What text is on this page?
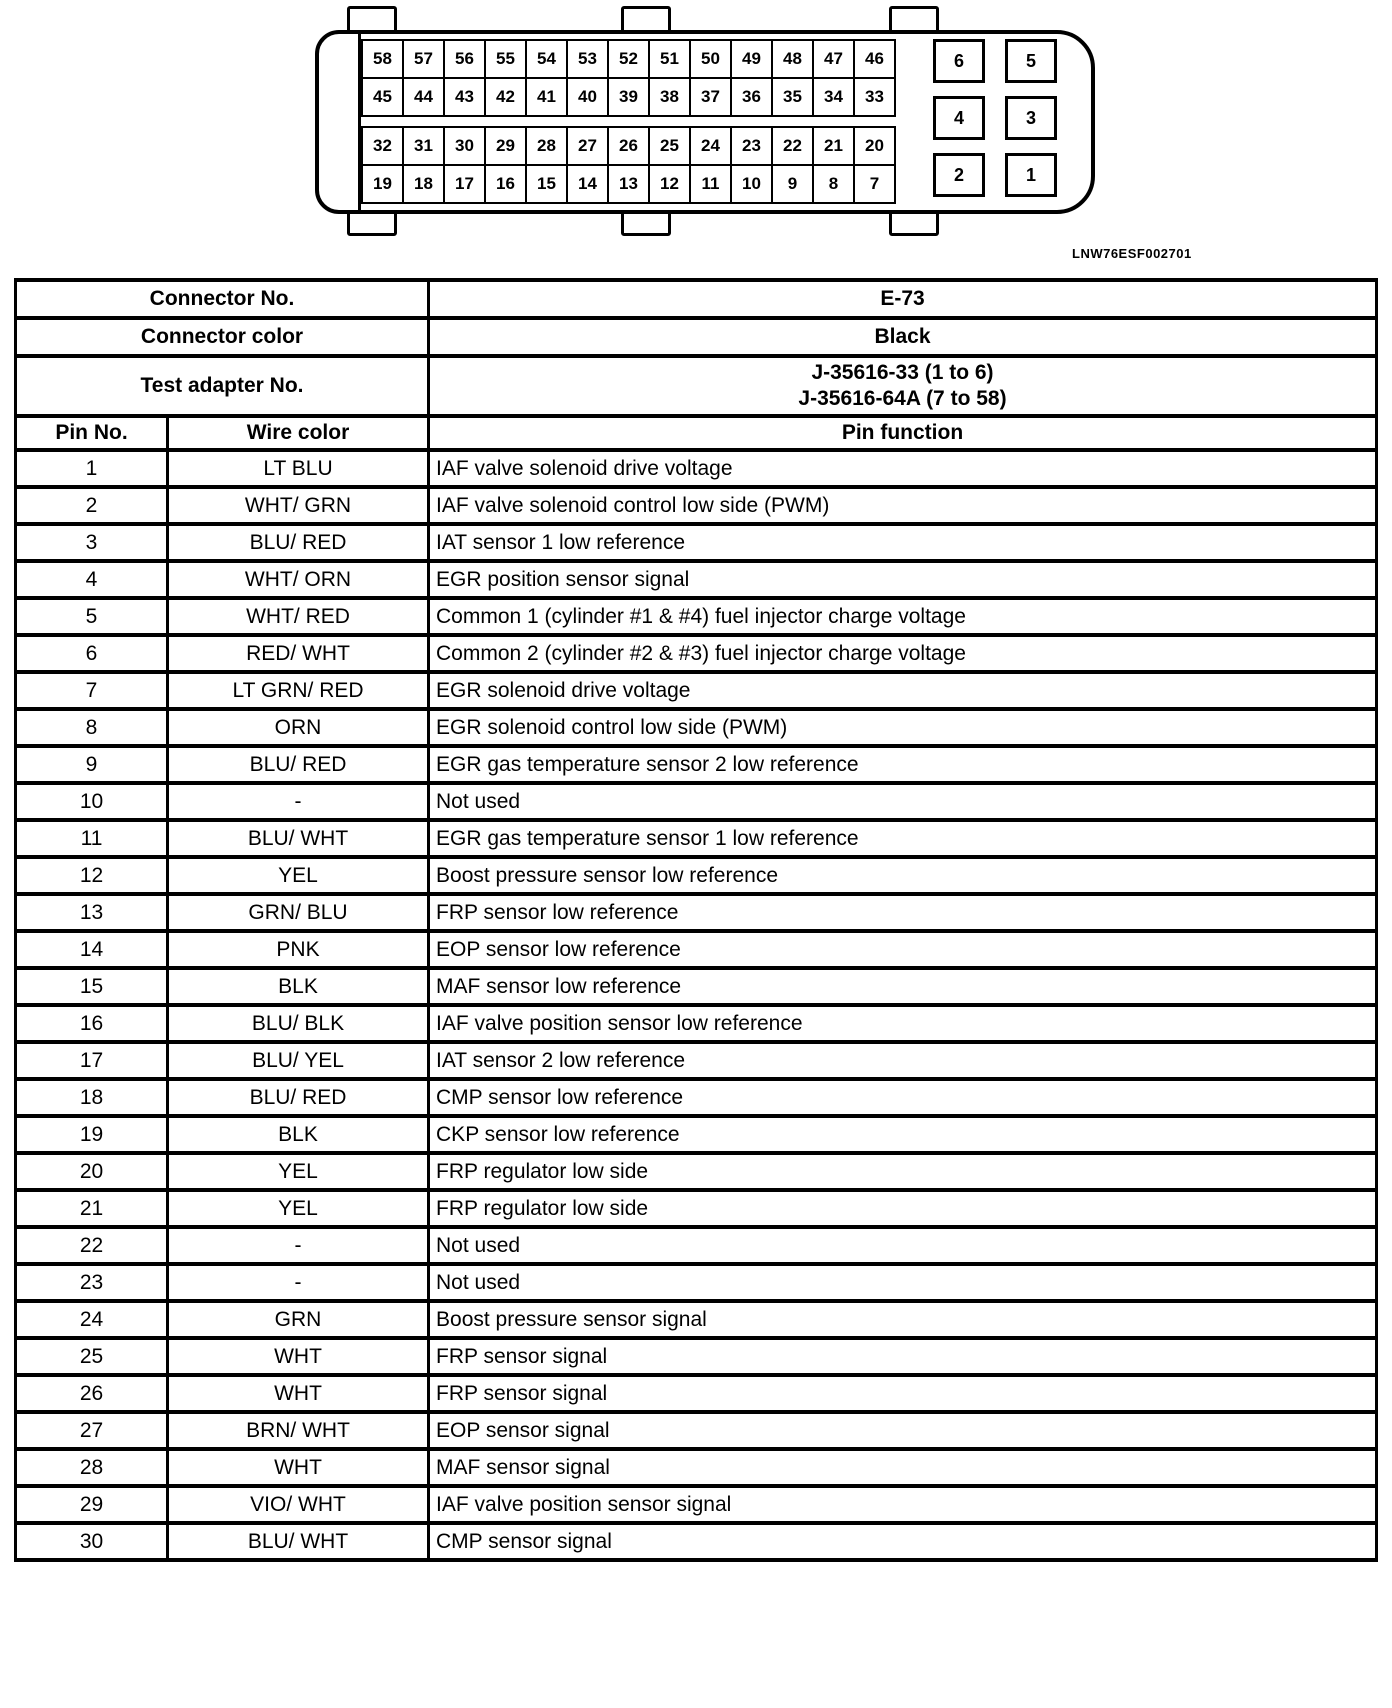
58	57	56	55	54	53	52	51	50	49	48	47	46
45	44	43	42	41	40	39	38	37	36	35	34	33
32	31	30	29	28	27	26	25	24	23	22	21	20
19	18	17	16	15	14	13	12	11	10	9	8	7
6	5
4	3
2	1
LNW76ESF002701
Connector No.		E-73

Connector color		Black

Test adapter No.		J-35616-33 (1 to 6)
J-35616-64A (7 to 58)

Pin No.	Wire color	Pin function
1	LT BLU	IAF valve solenoid drive voltage
2	WHT/ GRN	IAF valve solenoid control low side (PWM)
3	BLU/ RED	IAT sensor 1 low reference
4	WHT/ ORN	EGR position sensor signal
5	WHT/ RED	Common 1 (cylinder #1 & #4) fuel injector charge voltage
6	RED/ WHT	Common 2 (cylinder #2 & #3) fuel injector charge voltage
7	LT GRN/ RED	EGR solenoid drive voltage
8	ORN	EGR solenoid control low side (PWM)
9	BLU/ RED	EGR gas temperature sensor 2 low reference
10	-	Not used
11	BLU/ WHT	EGR gas temperature sensor 1 low reference
12	YEL	Boost pressure sensor low reference
13	GRN/ BLU	FRP sensor low reference
14	PNK	EOP sensor low reference
15	BLK	MAF sensor low reference
16	BLU/ BLK	IAF valve position sensor low reference
17	BLU/ YEL	IAT sensor 2 low reference
18	BLU/ RED	CMP sensor low reference
19	BLK	CKP sensor low reference
20	YEL	FRP regulator low side
21	YEL	FRP regulator low side
22	-	Not used
23	-	Not used
24	GRN	Boost pressure sensor signal
25	WHT	FRP sensor signal
26	WHT	FRP sensor signal
27	BRN/ WHT	EOP sensor signal
28	WHT	MAF sensor signal
29	VIO/ WHT	IAF valve position sensor signal
30	BLU/ WHT	CMP sensor signal
